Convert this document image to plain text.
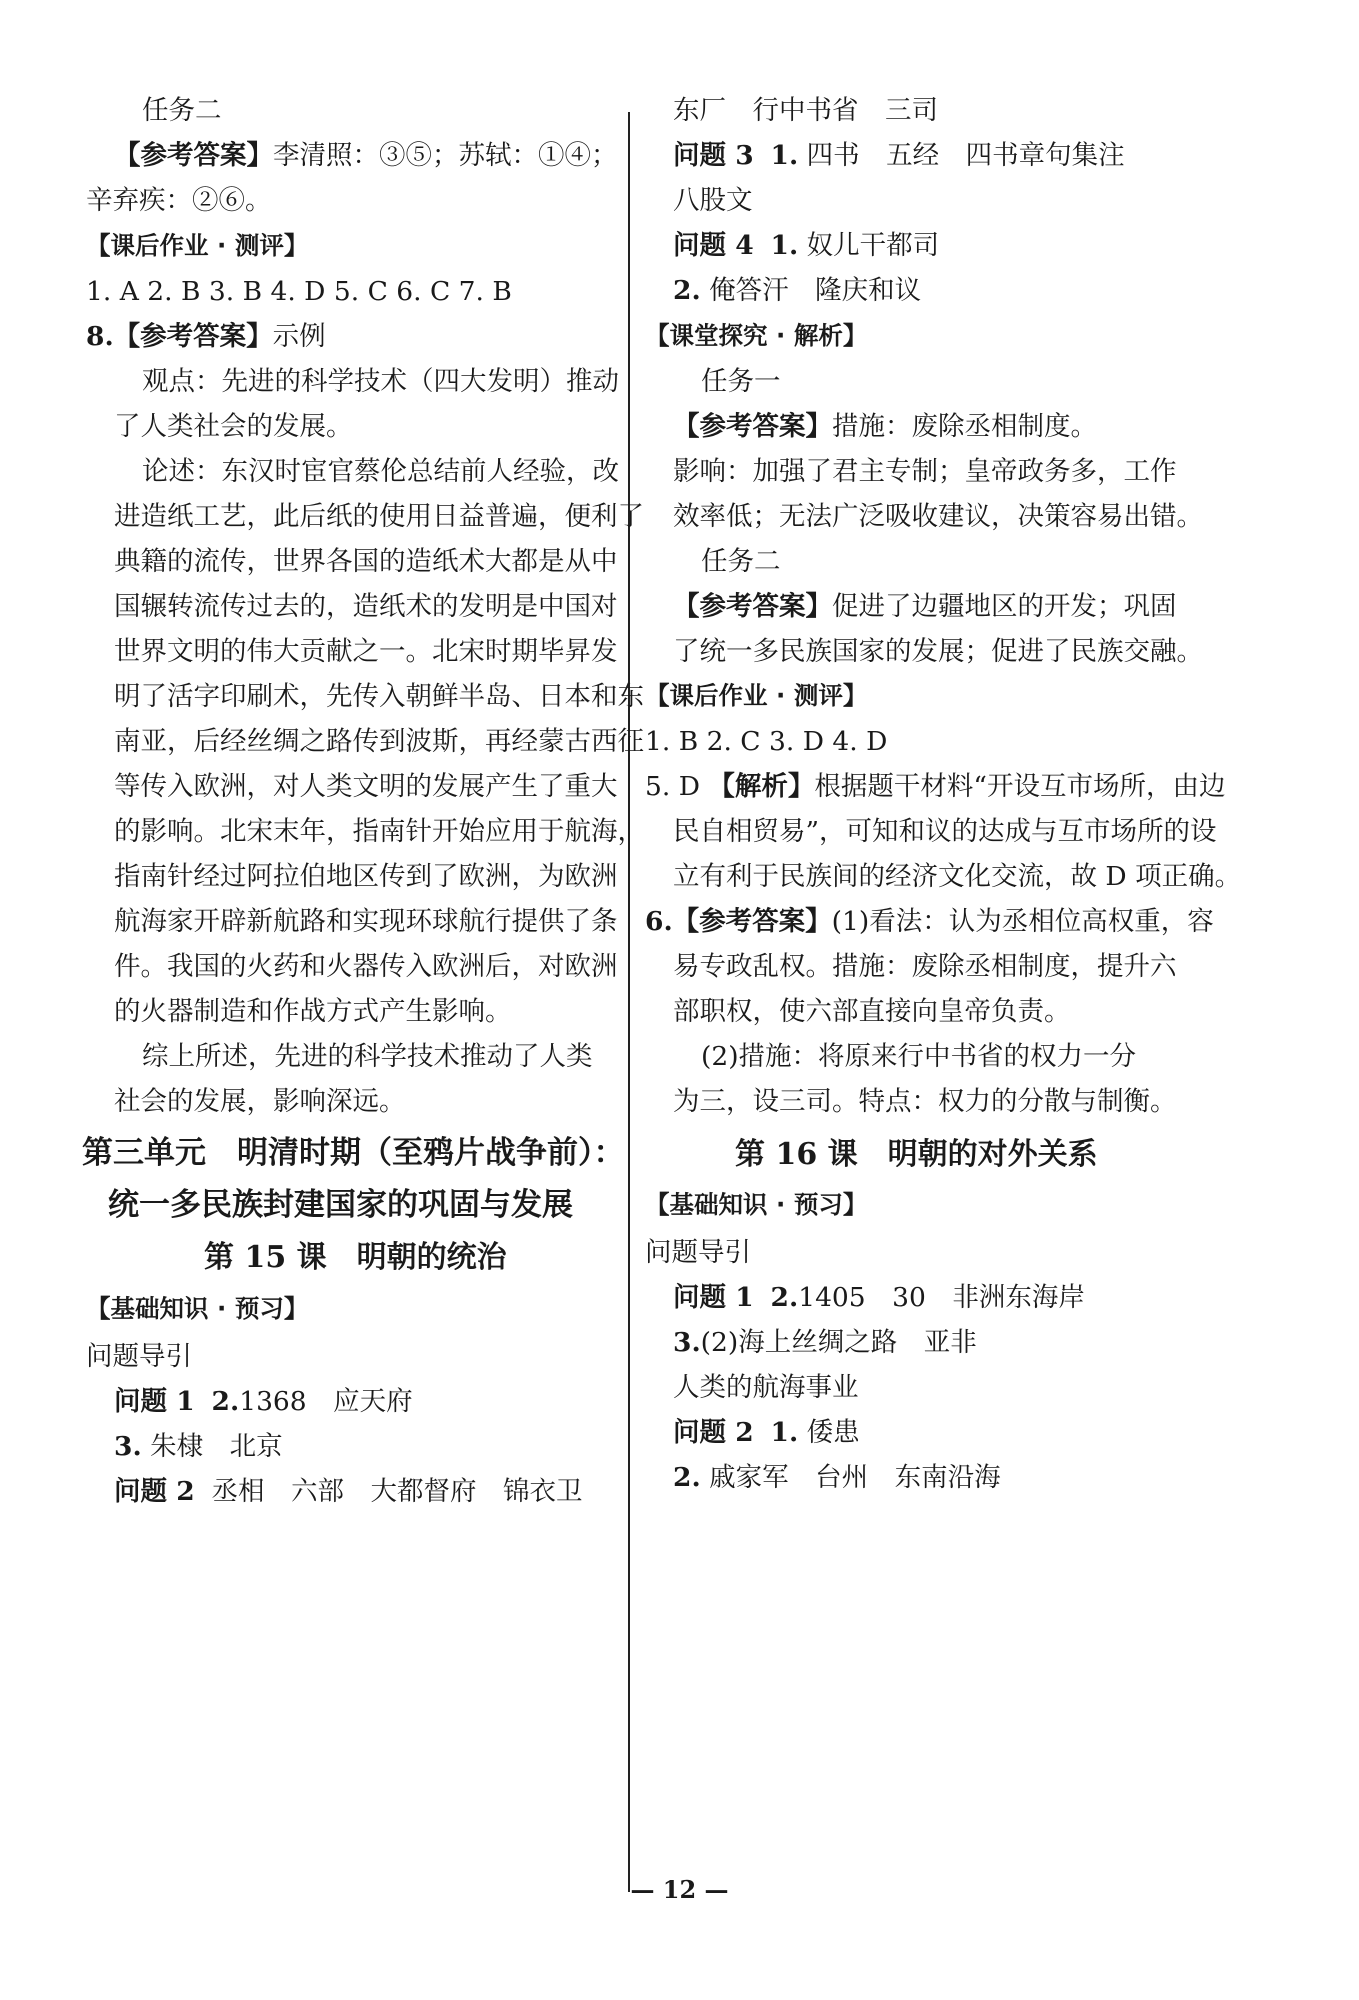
任务二
【参考答案】李清照：③⑤；苏轼：①④；
辛弃疾：②⑥。
【课后作业 · 测评】
1. A 2. B 3. B 4. D 5. C 6. C 7. B
8.【参考答案】示例
观点：先进的科学技术（四大发明）推动
了人类社会的发展。
论述：东汉时宦官蔡伦总结前人经验，改
进造纸工艺，此后纸的使用日益普遍，便利了
典籍的流传，世界各国的造纸术大都是从中
国辗转流传过去的，造纸术的发明是中国对
世界文明的伟大贡献之一。北宋时期毕昇发
明了活字印刷术，先传入朝鲜半岛、日本和东
南亚，后经丝绸之路传到波斯，再经蒙古西征
等传入欧洲，对人类文明的发展产生了重大
的影响。北宋末年，指南针开始应用于航海，
指南针经过阿拉伯地区传到了欧洲，为欧洲
航海家开辟新航路和实现环球航行提供了条
件。我国的火药和火器传入欧洲后，对欧洲
的火器制造和作战方式产生影响。
综上所述，先进的科学技术推动了人类
社会的发展，影响深远。
第三单元　明清时期（至鸦片战争前）：
统一多民族封建国家的巩固与发展
第 15 课　明朝的统治
【基础知识 · 预习】
问题导引
问题 1 2.1368　应天府
3. 朱棣　北京
问题 2 丞相　六部　大都督府　锦衣卫
东厂　行中书省　三司
问题 3 1. 四书　五经　四书章句集注
八股文
问题 4 1. 奴儿干都司
2. 俺答汗　隆庆和议
【课堂探究 · 解析】
任务一
【参考答案】措施：废除丞相制度。
影响：加强了君主专制；皇帝政务多，工作
效率低；无法广泛吸收建议，决策容易出错。
任务二
【参考答案】促进了边疆地区的开发；巩固
了统一多民族国家的发展；促进了民族交融。
【课后作业 · 测评】
1. B 2. C 3. D 4. D
5. D 【解析】根据题干材料“开设互市场所，由边
民自相贸易”，可知和议的达成与互市场所的设
立有利于民族间的经济文化交流，故 D 项正确。
6.【参考答案】(1)看法：认为丞相位高权重，容
易专政乱权。措施：废除丞相制度，提升六
部职权，使六部直接向皇帝负责。
(2)措施：将原来行中书省的权力一分
为三，设三司。特点：权力的分散与制衡。
第 16 课　明朝的对外关系
【基础知识 · 预习】
问题导引
问题 1 2.1405　30　非洲东海岸
3.(2)海上丝绸之路　亚非
人类的航海事业
问题 2 1. 倭患
2. 戚家军　台州　东南沿海
— 12 —
